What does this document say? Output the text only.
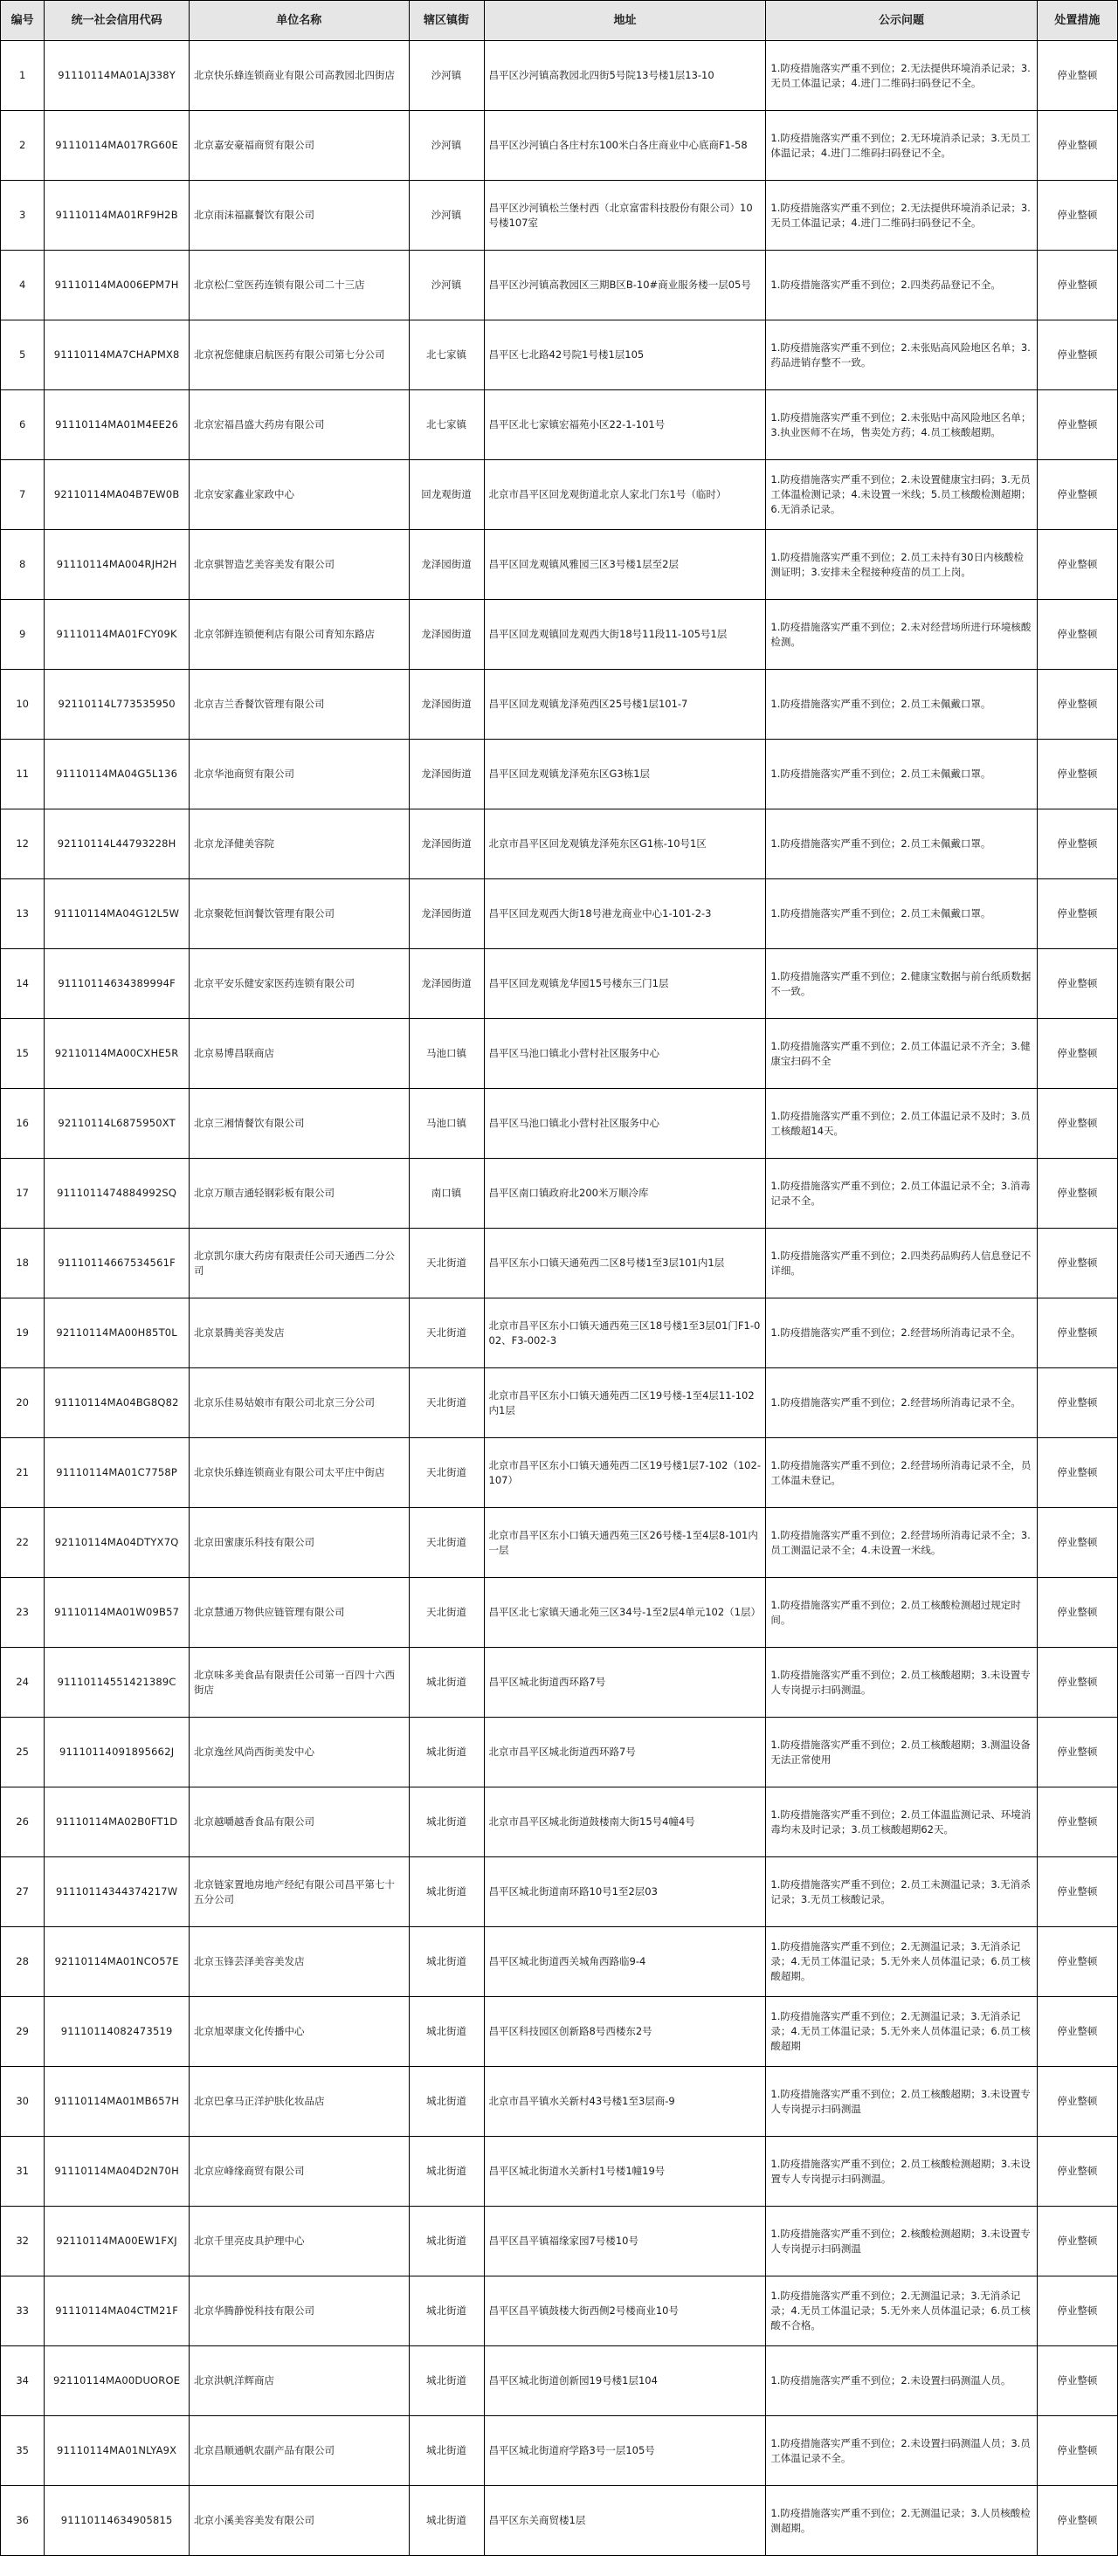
编号	统一社会信用代码	单位名称	辖区镇街	地址	公示问题	处置措施
1	91110114MA01AJ338Y	北京快乐蜂连锁商业有限公司高教园北四街店	沙河镇	昌平区沙河镇高教园北四街5号院13号楼1层13-10	1.防疫措施落实严重不到位；2.无法提供环境消杀记录；3.无员工体温记录；4.进门二维码扫码登记不全。	停业整顿
2	91110114MA017RG60E	北京嘉安豪福商贸有限公司	沙河镇	昌平区沙河镇白各庄村东100米白各庄商业中心底商F1-58	1.防疫措施落实严重不到位；2.无环境消杀记录；3.无员工体温记录；4.进门二维码扫码登记不全。	停业整顿
3	91110114MA01RF9H2B	北京雨沫福赢餐饮有限公司	沙河镇	昌平区沙河镇松兰堡村西（北京富雷科技股份有限公司）10号楼107室	1.防疫措施落实严重不到位；2.无法提供环境消杀记录；3.无员工体温记录；4.进门二维码扫码登记不全。	停业整顿
4	91110114MA006EPM7H	北京松仁堂医药连锁有限公司二十三店	沙河镇	昌平区沙河镇高教园区三期B区B-10#商业服务楼一层05号	1.防疫措施落实严重不到位；2.四类药品登记不全。	停业整顿
5	91110114MA7CHAPMX8	北京祝您健康启航医药有限公司第七分公司	北七家镇	昌平区七北路42号院1号楼1层105	1.防疫措施落实严重不到位；2.未张贴高风险地区名单；3.药品进销存整不一致。	停业整顿
6	91110114MA01M4EE26	北京宏福昌盛大药房有限公司	北七家镇	昌平区北七家镇宏福苑小区22-1-101号	1.防疫措施落实严重不到位；2.未张贴中高风险地区名单；3.执业医师不在场，售卖处方药；4.员工核酸超期。	停业整顿
7	92110114MA04B7EW0B	北京安家鑫业家政中心	回龙观街道	北京市昌平区回龙观街道北京人家北门东1号（临时）	1.防疫措施落实严重不到位；2.未设置健康宝扫码；3.无员工体温检测记录；4.未设置一米线；5.员工核酸检测超期；6.无消杀记录。	停业整顿
8	91110114MA004RJH2H	北京骐智造艺美容美发有限公司	龙泽园街道	昌平区回龙观镇风雅园三区3号楼1层至2层	1.防疫措施落实严重不到位；2.员工未持有30日内核酸检测证明；3.安排未全程接种疫苗的员工上岗。	停业整顿
9	91110114MA01FCY09K	北京邻鲜连锁便利店有限公司育知东路店	龙泽园街道	昌平区回龙观镇回龙观西大街18号11段11-105号1层	1.防疫措施落实严重不到位；2.未对经营场所进行环境核酸检测。	停业整顿
10	92110114L773535950	北京吉兰香餐饮管理有限公司	龙泽园街道	昌平区回龙观镇龙泽苑西区25号楼1层101-7	1.防疫措施落实严重不到位；2.员工未佩戴口罩。	停业整顿
11	91110114MA04G5L136	北京华池商贸有限公司	龙泽园街道	昌平区回龙观镇龙泽苑东区G3栋1层	1.防疫措施落实严重不到位；2.员工未佩戴口罩。	停业整顿
12	92110114L44793228H	北京龙泽健美容院	龙泽园街道	北京市昌平区回龙观镇龙泽苑东区G1栋-10号1区	1.防疫措施落实严重不到位；2.员工未佩戴口罩。	停业整顿
13	91110114MA04G12L5W	北京聚乾恒润餐饮管理有限公司	龙泽园街道	昌平区回龙观西大街18号港龙商业中心1-101-2-3	1.防疫措施落实严重不到位；2.员工未佩戴口罩。	停业整顿
14	91110114634389994F	北京平安乐健安家医药连锁有限公司	龙泽园街道	昌平区回龙观镇龙华园15号楼东三门1层	1.防疫措施落实严重不到位；2.健康宝数据与前台纸质数据不一致。	停业整顿
15	92110114MA00CXHE5R	北京易博昌联商店	马池口镇	昌平区马池口镇北小营村社区服务中心	1.防疫措施落实严重不到位；2.员工体温记录不齐全；3.健康宝扫码不全	停业整顿
16	92110114L6875950XT	北京三湘情餐饮有限公司	马池口镇	昌平区马池口镇北小营村社区服务中心	1.防疫措施落实严重不到位；2.员工体温记录不及时；3.员工核酸超14天。	停业整顿
17	9111011474884992SQ	北京万顺吉通轻钢彩板有限公司	南口镇	昌平区南口镇政府北200米万顺冷库	1.防疫措施落实严重不到位；2.员工体温记录不全；3.消毒记录不全。	停业整顿
18	91110114667534561F	北京凯尔康大药房有限责任公司天通西二分公司	天北街道	昌平区东小口镇天通苑西二区8号楼1至3层101内1层	1.防疫措施落实严重不到位；2.四类药品购药人信息登记不详细。	停业整顿
19	92110114MA00H85T0L	北京景腾美容美发店	天北街道	北京市昌平区东小口镇天通西苑三区18号楼1至3层01门F1-002、F3-002-3	1.防疫措施落实严重不到位；2.经营场所消毒记录不全。	停业整顿
20	91110114MA04BG8Q82	北京乐佳易姑娘市有限公司北京三分公司	天北街道	北京市昌平区东小口镇天通苑西二区19号楼-1至4层11-102内1层	1.防疫措施落实严重不到位；2.经营场所消毒记录不全。	停业整顿
21	91110114MA01C7758P	北京快乐蜂连锁商业有限公司太平庄中街店	天北街道	北京市昌平区东小口镇天通苑西二区19号楼1层7-102（102-107）	1.防疫措施落实严重不到位；2.经营场所消毒记录不全，员工体温未登记。	停业整顿
22	92110114MA04DTYX7Q	北京田蜜康乐科技有限公司	天北街道	北京市昌平区东小口镇天通西苑三区26号楼-1至4层8-101内一层	1.防疫措施落实严重不到位；2.经营场所消毒记录不全；3.员工测温记录不全；4.未设置一米线。	停业整顿
23	91110114MA01W09B57	北京慧通万物供应链管理有限公司	天北街道	昌平区北七家镇天通北苑三区34号-1至2层4单元102（1层）	1.防疫措施落实严重不到位；2.员工核酸检测超过规定时间。	停业整顿
24	91110114551421389C	北京味多美食品有限责任公司第一百四十六西街店	城北街道	昌平区城北街道西环路7号	1.防疫措施落实严重不到位；2.员工核酸超期；3.未设置专人专岗提示扫码测温。	停业整顿
25	91110114091895662J	北京逸丝风尚西街美发中心	城北街道	北京市昌平区城北街道西环路7号	1.防疫措施落实严重不到位；2.员工核酸超期；3.测温设备无法正常使用	停业整顿
26	91110114MA02B0FT1D	北京越嚼越香食品有限公司	城北街道	北京市昌平区城北街道鼓楼南大街15号4幢4号	1.防疫措施落实严重不到位；2.员工体温监测记录、环境消毒均未及时记录；3.员工核酸超期62天。	停业整顿
27	91110114344374217W	北京链家置地房地产经纪有限公司昌平第七十五分公司	城北街道	昌平区城北街道南环路10号1至2层03	1.防疫措施落实严重不到位；2.员工未测温记录；3.无消杀记录；3.无员工核酸记录。	停业整顿
28	92110114MA01NCO57E	北京玉锋芸泽美容美发店	城北街道	昌平区城北街道西关城角西路临9-4	1.防疫措施落实严重不到位；2.无测温记录；3.无消杀记录；4.无员工体温记录；5.无外来人员体温记录；6.员工核酸超期。	停业整顿
29	91110114082473519	北京旭翠康文化传播中心	城北街道	昌平区科技园区创新路8号西楼东2号	1.防疫措施落实严重不到位；2.无测温记录；3.无消杀记录；4.无员工体温记录；5.无外来人员体温记录；6.员工核酸超期	停业整顿
30	91110114MA01MB657H	北京巴拿马正洋护肤化妆品店	城北街道	北京市昌平镇水关新村43号楼1至3层商-9	1.防疫措施落实严重不到位；2.员工核酸超期；3.未设置专人专岗提示扫码测温	停业整顿
31	91110114MA04D2N70H	北京应峰缘商贸有限公司	城北街道	昌平区城北街道水关新村1号楼1幢19号	1.防疫措施落实严重不到位；2.员工核酸检测超期；3.未设置专人专岗提示扫码测温。	停业整顿
32	92110114MA00EW1FXJ	北京千里亮皮具护理中心	城北街道	昌平区昌平镇福缘家园7号楼10号	1.防疫措施落实严重不到位；2.核酸检测超期；3.未设置专人专岗提示扫码测温	停业整顿
33	91110114MA04CTM21F	北京华腾静悦科技有限公司	城北街道	昌平区昌平镇鼓楼大街西侧2号楼商业10号	1.防疫措施落实严重不到位；2.无测温记录；3.无消杀记录；4.无员工体温记录；5.无外来人员体温记录；6.员工核酸不合格。	停业整顿
34	92110114MA00DUOROE	北京洪帆洋辉商店	城北街道	昌平区城北街道创新园19号楼1层104	1.防疫措施落实严重不到位；2.未设置扫码测温人员。	停业整顿
35	91110114MA01NLYA9X	北京昌顺通帆农副产品有限公司	城北街道	昌平区城北街道府学路3号一层105号	1.防疫措施落实严重不到位；2.未设置扫码测温人员；3.员工体温记录不全。	停业整顿
36	91110114634905815	北京小溪美容美发有限公司	城北街道	昌平区东关商贸楼1层	1.防疫措施落实严重不到位；2.无测温记录；3.人员核酸检测超期。	停业整顿
